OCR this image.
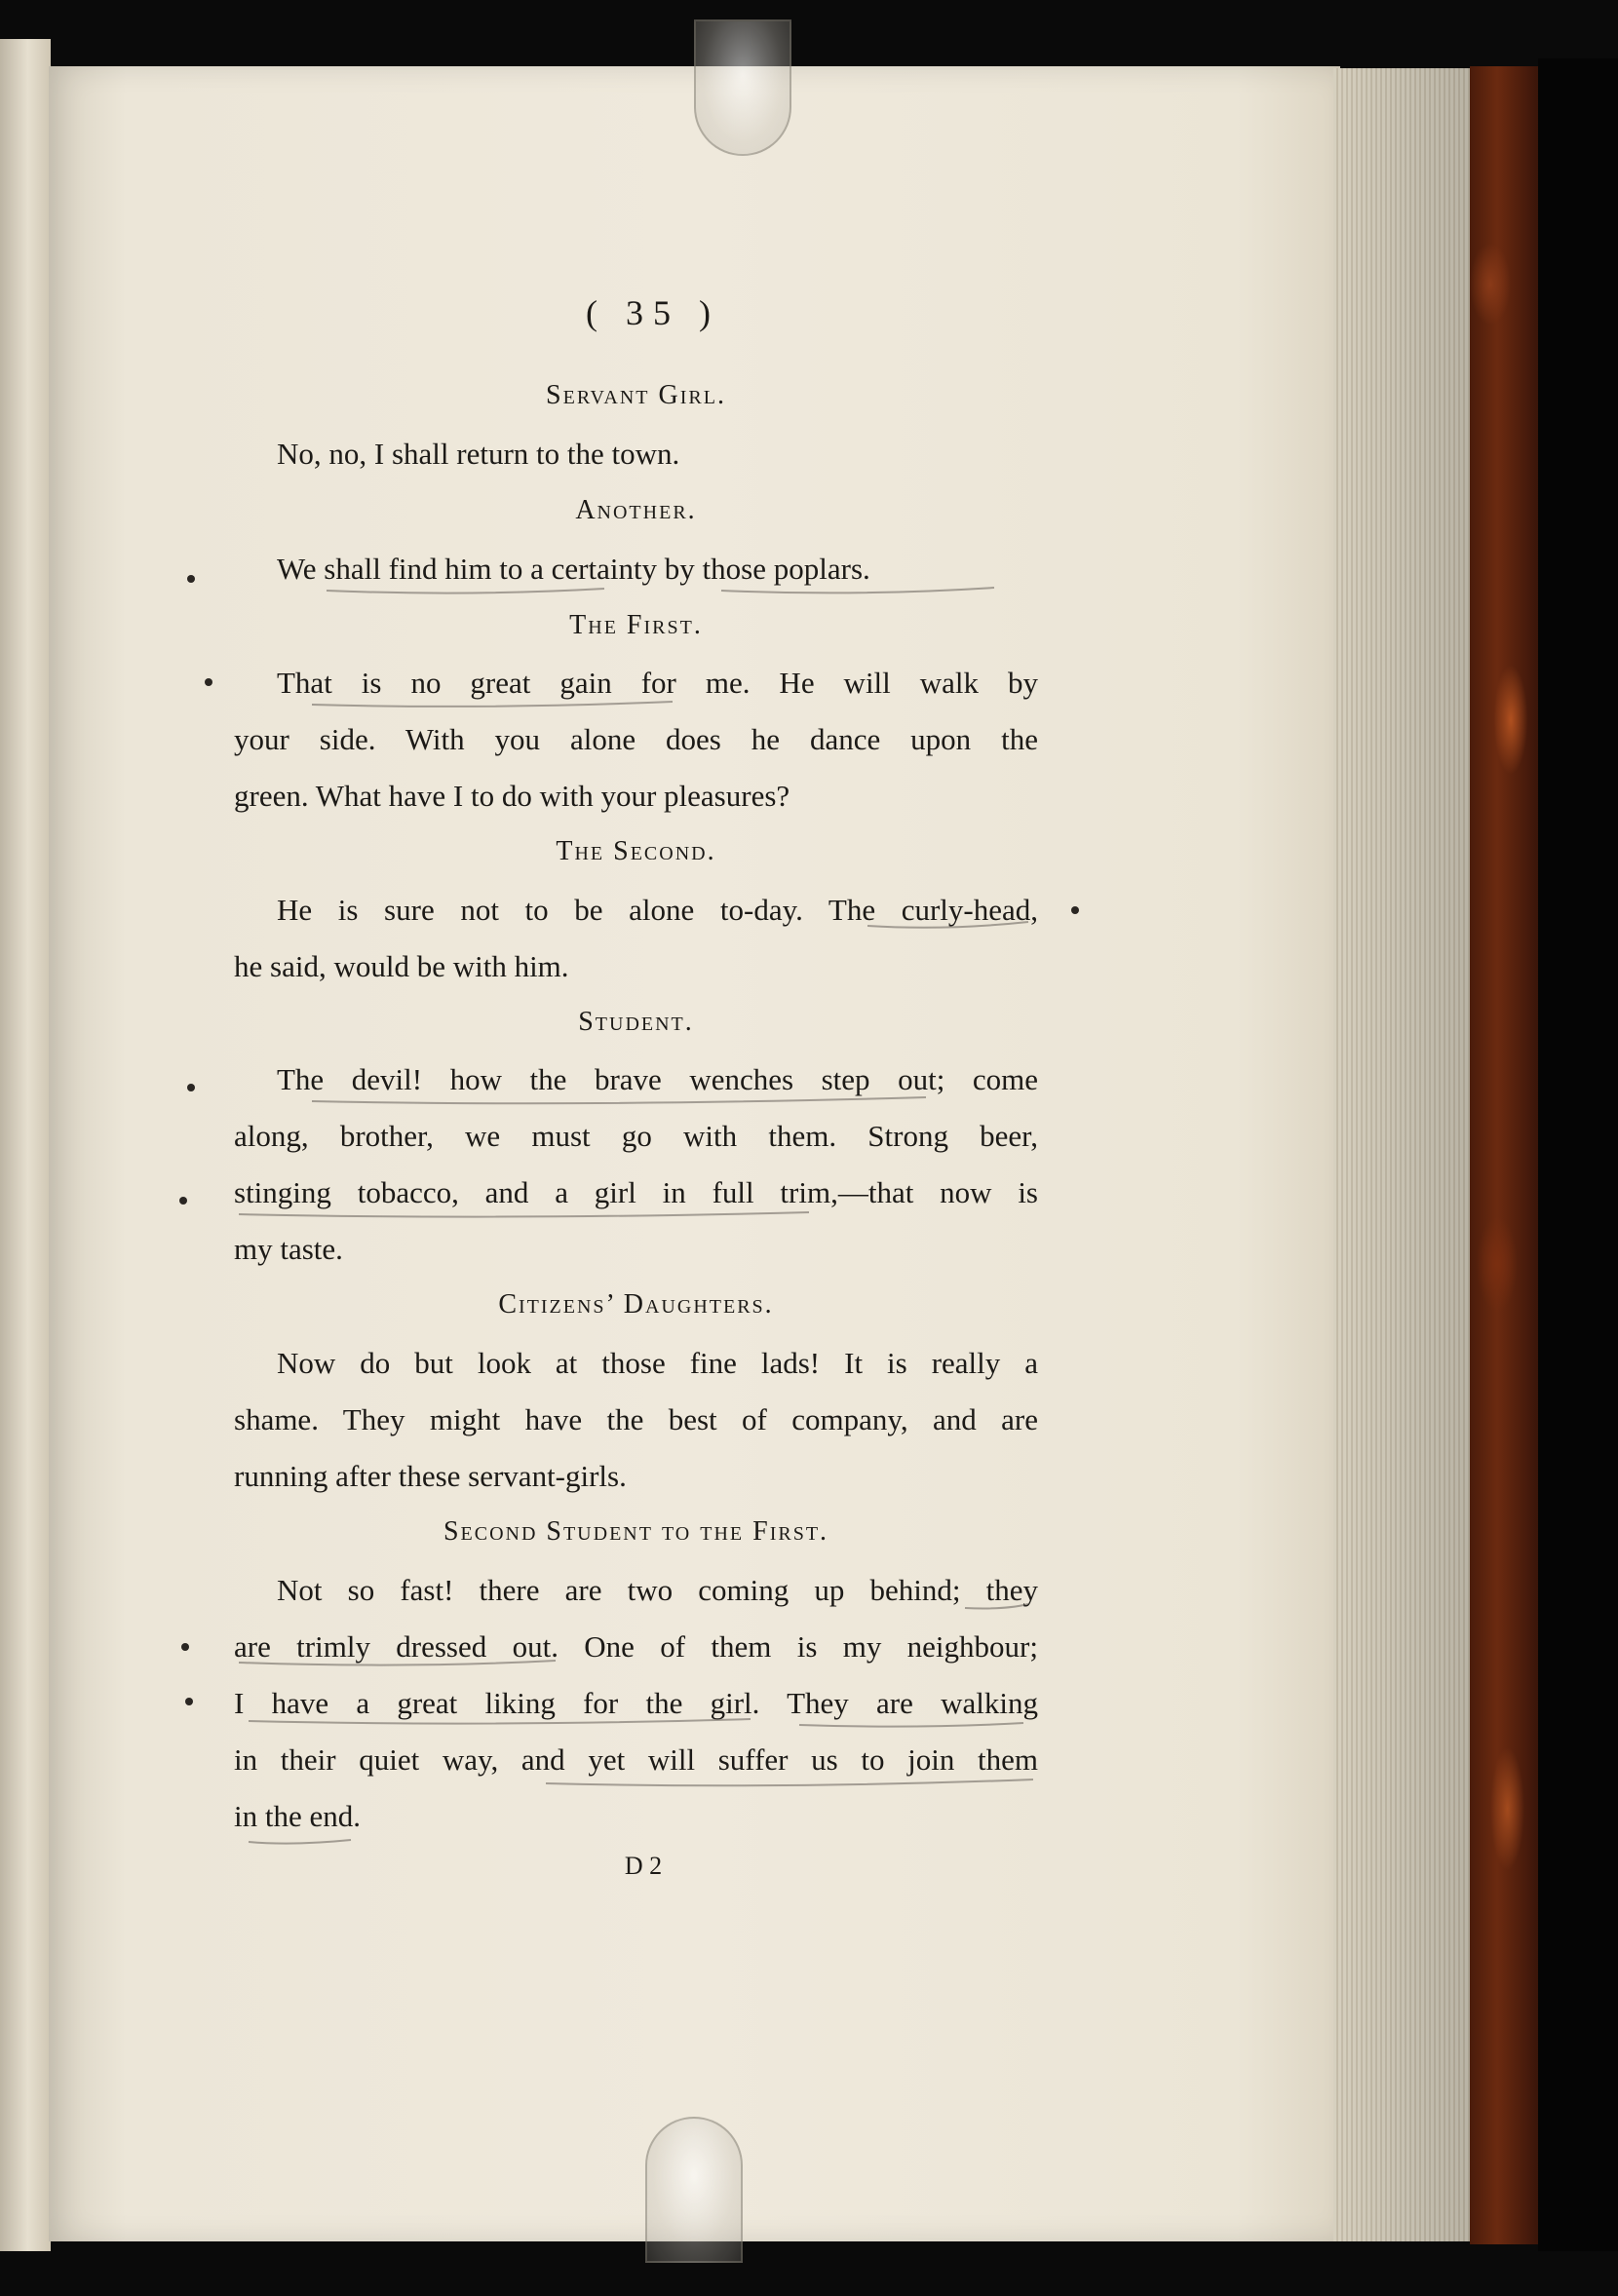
( 35 )
Servant Girl.
No, no, I shall return to the town.
Another.
We shall find him to a certainty by those poplars.
The First.
That is no great gain for me. He will walk by
your side. With you alone does he dance upon the
green. What have I to do with your pleasures?
The Second.
He is sure not to be alone to-day. The curly-head,
he said, would be with him.
Student.
The devil! how the brave wenches step out; come
along, brother, we must go with them. Strong beer,
stinging tobacco, and a girl in full trim,—that now is
my taste.
Citizens’ Daughters.
Now do but look at those fine lads! It is really a
shame. They might have the best of company, and are
running after these servant-girls.
Second Student to the First.
Not so fast! there are two coming up behind; they
are trimly dressed out. One of them is my neighbour;
I have a great liking for the girl. They are walking
in their quiet way, and yet will suffer us to join them
in the end.
D 2
